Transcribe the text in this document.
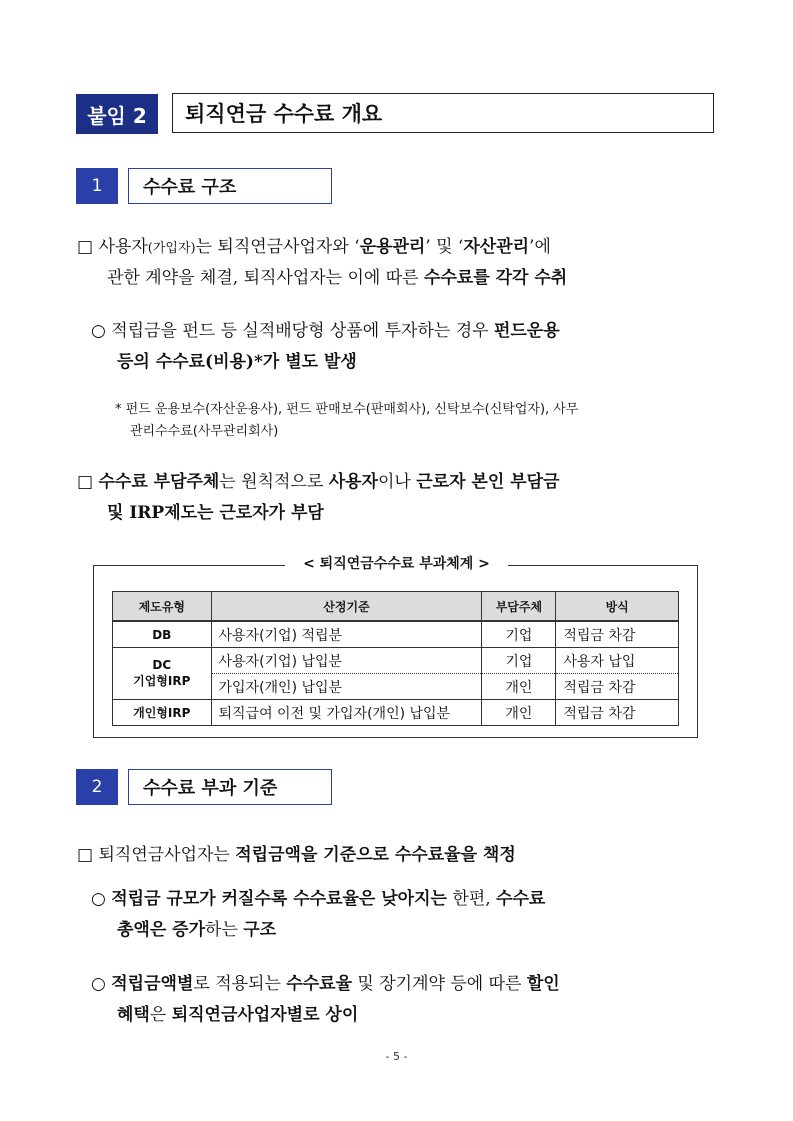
붙임 2	퇴직연금 수수료 개요
1	수수료 구조
□ 사용자(가입자)는 퇴직연금사업자와 ‘운용관리’ 및 ‘자산관리’에
관한 계약을 체결, 퇴직사업자는 이에 따른 수수료를 각각 수취
○ 적립금을 펀드 등 실적배당형 상품에 투자하는 경우 펀드운용
등의 수수료(비용)*가 별도 발생
* 펀드 운용보수(자산운용사), 펀드 판매보수(판매회사), 신탁보수(신탁업자), 사무
관리수수료(사무관리회사)
□ 수수료 부담주체는 원칙적으로 사용자이나 근로자 본인 부담금
및 IRP제도는 근로자가 부담
< 퇴직연금수수료 부과체계 >
제도유형	산정기준	부담주체	방식
DB	사용자(기업) 적립분	기업	적립금 차감

DC
기업형IRP	사용자(기업) 납입분	기업	사용자 납입
	가입자(개인) 납입분	개인	적립금 차감
개인형IRP	퇴직급여 이전 및 가입자(개인) 납입분	개인	적립금 차감
2	수수료 부과 기준
□ 퇴직연금사업자는 적립금액을 기준으로 수수료율을 책정
○ 적립금 규모가 커질수록 수수료율은 낮아지는 한편, 수수료
총액은 증가하는 구조
○ 적립금액별로 적용되는 수수료율 및 장기계약 등에 따른 할인
혜택은 퇴직연금사업자별로 상이
- 5 -
